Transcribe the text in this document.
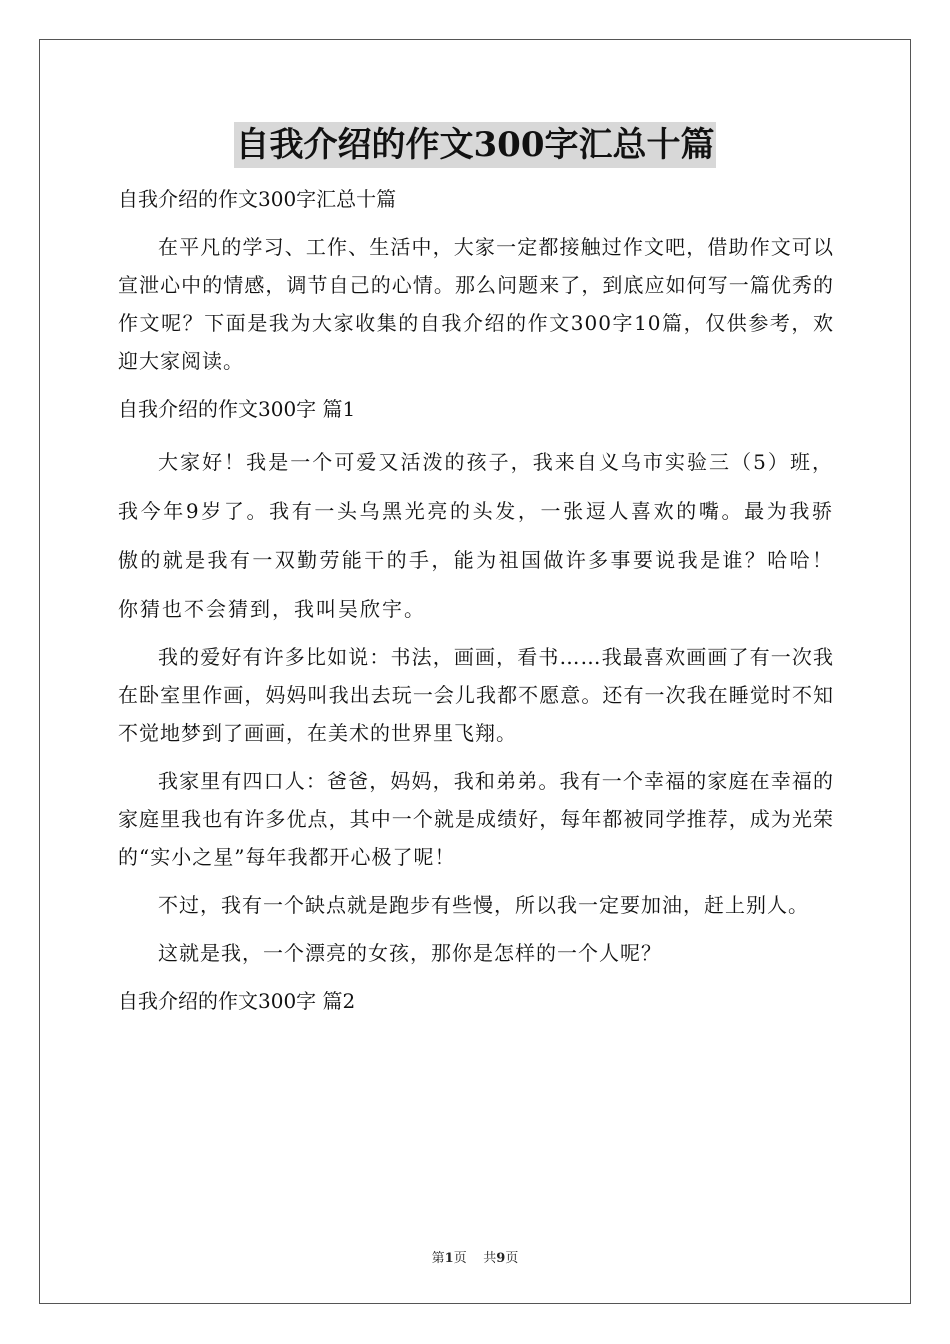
自我介绍的作文300字汇总十篇
自我介绍的作文300字汇总十篇

在平凡的学习、工作、生活中，大家一定都接触过作文吧，借助作文可以宣泄心中的情感，调节自己的心情。那么问题来了，到底应如何写一篇优秀的作文呢？下面是我为大家收集的自我介绍的作文300字10篇，仅供参考，欢迎大家阅读。

自我介绍的作文300字 篇1

大家好！我是一个可爱又活泼的孩子，我来自义乌市实验三（5）班，我今年9岁了。我有一头乌黑光亮的头发，一张逗人喜欢的嘴。最为我骄傲的就是我有一双勤劳能干的手，能为祖国做许多事要说我是谁？哈哈！你猜也不会猜到，我叫吴欣宇。

我的爱好有许多比如说：书法，画画，看书……我最喜欢画画了有一次我在卧室里作画，妈妈叫我出去玩一会儿我都不愿意。还有一次我在睡觉时不知不觉地梦到了画画，在美术的世界里飞翔。

我家里有四口人：爸爸，妈妈，我和弟弟。我有一个幸福的家庭在幸福的家庭里我也有许多优点，其中一个就是成绩好，每年都被同学推荐，成为光荣的“实小之星”每年我都开心极了呢！

不过，我有一个缺点就是跑步有些慢，所以我一定要加油，赶上别人。

这就是我，一个漂亮的女孩，那你是怎样的一个人呢？

自我介绍的作文300字 篇2
第1页 共9页
